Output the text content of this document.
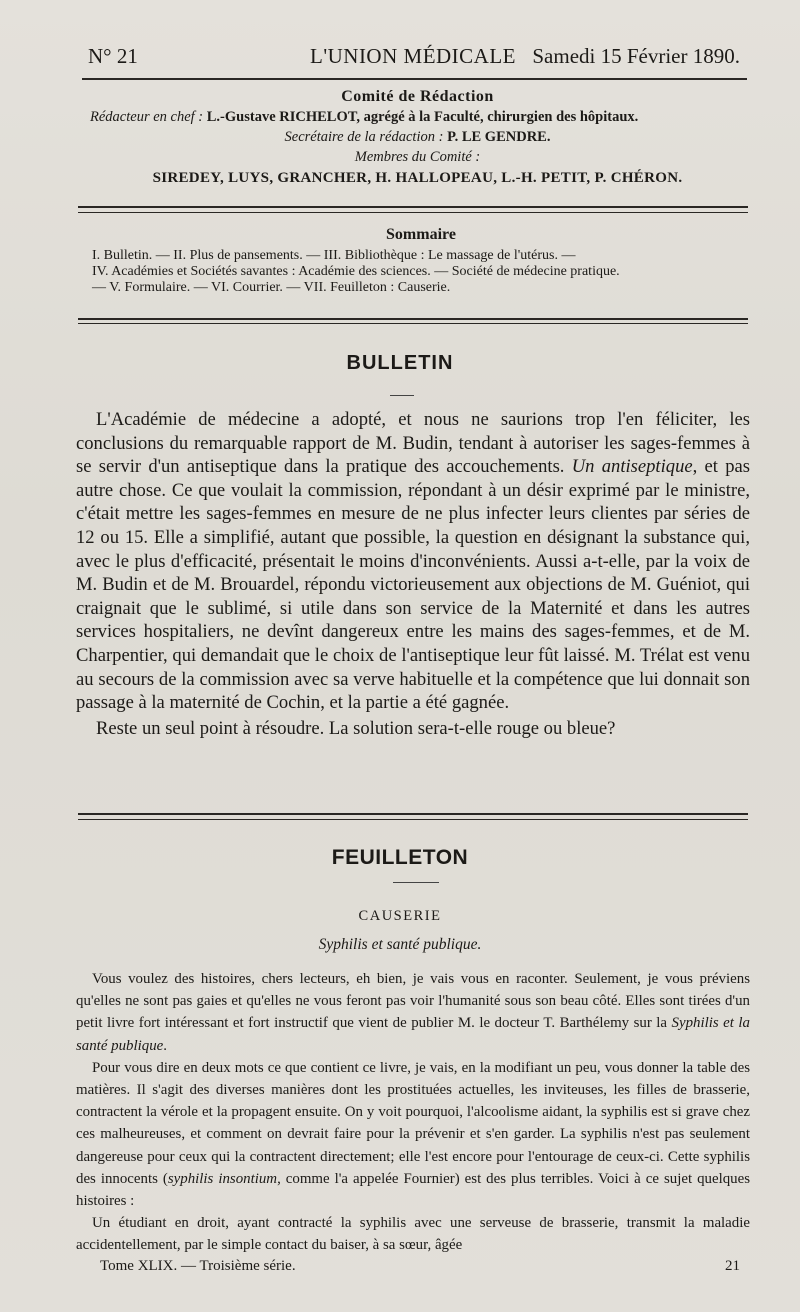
N° 21	L'UNION MÉDICALE Samedi 15 Février 1890.
Comité de Rédaction
Rédacteur en chef : L.-Gustave RICHELOT, agrégé à la Faculté, chirurgien des hôpitaux.
Secrétaire de la rédaction : P. LE GENDRE.
Membres du Comité :
SIREDEY, LUYS, GRANCHER, H. HALLOPEAU, L.-H. PETIT, P. CHÉRON.
Sommaire
I. Bulletin. — II. Plus de pansements. — III. Bibliothèque : Le massage de l'utérus. —
IV. Académies et Sociétés savantes : Académie des sciences. — Société de médecine pratique.
— V. Formulaire. — VI. Courrier. — VII. Feuilleton : Causerie.
BULLETIN

L'Académie de médecine a adopté, et nous ne saurions trop l'en féliciter, les conclusions du remarquable rapport de M. Budin, tendant à autoriser les sages-femmes à se servir d'un antiseptique dans la pratique des accouchements. Un antiseptique, et pas autre chose. Ce que voulait la commission, répondant à un désir exprimé par le ministre, c'était mettre les sages-femmes en mesure de ne plus infecter leurs clientes par séries de 12 ou 15. Elle a simplifié, autant que possible, la question en désignant la substance qui, avec le plus d'efficacité, présentait le moins d'inconvénients. Aussi a-t-elle, par la voix de M. Budin et de M. Brouardel, répondu victorieusement aux objections de M. Guéniot, qui craignait que le sublimé, si utile dans son service de la Maternité et dans les autres services hospitaliers, ne devînt dangereux entre les mains des sages-femmes, et de M. Charpentier, qui demandait que le choix de l'antiseptique leur fût laissé. M. Trélat est venu au secours de la commission avec sa verve habituelle et la compétence que lui donnait son passage à la maternité de Cochin, et la partie a été gagnée.

Reste un seul point à résoudre. La solution sera-t-elle rouge ou bleue?

FEUILLETON
CAUSERIE
Syphilis et santé publique.

Vous voulez des histoires, chers lecteurs, eh bien, je vais vous en raconter. Seulement, je vous préviens qu'elles ne sont pas gaies et qu'elles ne vous feront pas voir l'humanité sous son beau côté. Elles sont tirées d'un petit livre fort intéressant et fort instructif que vient de publier M. le docteur T. Barthélemy sur la Syphilis et la santé publique.

Pour vous dire en deux mots ce que contient ce livre, je vais, en la modifiant un peu, vous donner la table des matières. Il s'agit des diverses manières dont les prostituées actuelles, les inviteuses, les filles de brasserie, contractent la vérole et la propagent ensuite. On y voit pourquoi, l'alcoolisme aidant, la syphilis est si grave chez ces malheureuses, et comment on devrait faire pour la prévenir et s'en garder. La syphilis n'est pas seulement dangereuse pour ceux qui la contractent directement; elle l'est encore pour l'entourage de ceux-ci. Cette syphilis des innocents (syphilis insontium, comme l'a appelée Fournier) est des plus terribles. Voici à ce sujet quelques histoires :

Un étudiant en droit, ayant contracté la syphilis avec une serveuse de brasserie, transmit la maladie accidentellement, par le simple contact du baiser, à sa sœur, âgée

Tome XLIX. — Troisième série.	21
